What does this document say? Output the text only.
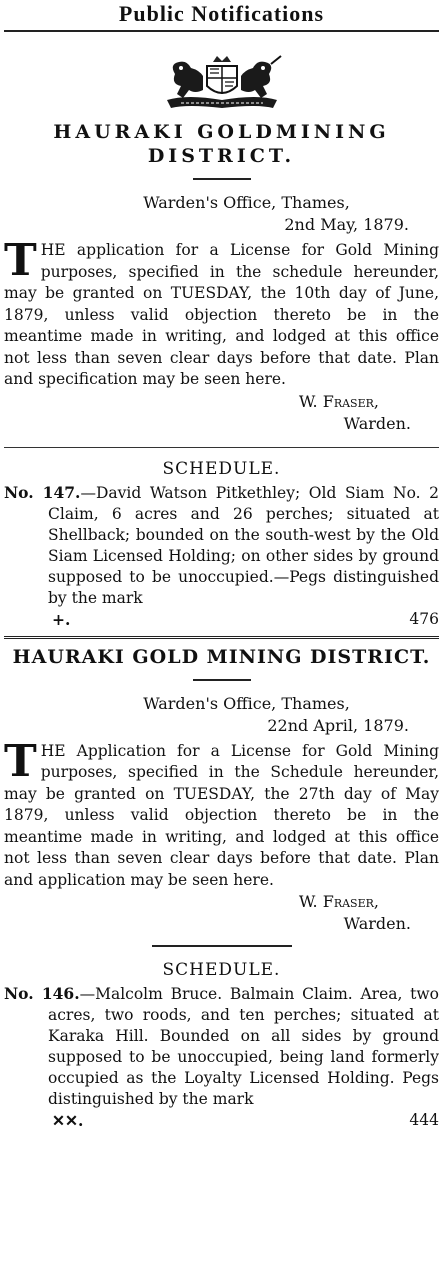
Public Notifications
HAURAKI GOLDMINING DISTRICT.
Warden's Office, Thames,
2nd May, 1879.

THE application for a License for Gold Mining purposes, specified in the schedule hereunder, may be granted on TUESDAY, the 10th day of June, 1879, unless valid objection thereto be in the meantime made in writing, and lodged at this office not less than seven clear days before that date. Plan and specification may be seen here.

W. Fraser,
Warden.
SCHEDULE.

No. 147.—David Watson Pitkethley; Old Siam No. 2 Claim, 6 acres and 26 perches; situated at Shellback; bounded on the south-west by the Old Siam Licensed Holding; on other sides by ground supposed to be unoccupied.—Pegs distinguished by the mark

+.	476
HAURAKI GOLD MINING DISTRICT.
Warden's Office, Thames,
22nd April, 1879.

THE Application for a License for Gold Mining purposes, specified in the Schedule hereunder, may be granted on TUESDAY, the 27th day of May 1879, unless valid objection thereto be in the meantime made in writing, and lodged at this office not less than seven clear days before that date. Plan and application may be seen here.

W. Fraser,
Warden.
SCHEDULE.

No. 146.—Malcolm Bruce. Balmain Claim. Area, two acres, two roods, and ten perches; situated at Karaka Hill. Bounded on all sides by ground supposed to be unoccupied, being land formerly occupied as the Loyalty Licensed Holding. Pegs distinguished by the mark

✕✕.	444
